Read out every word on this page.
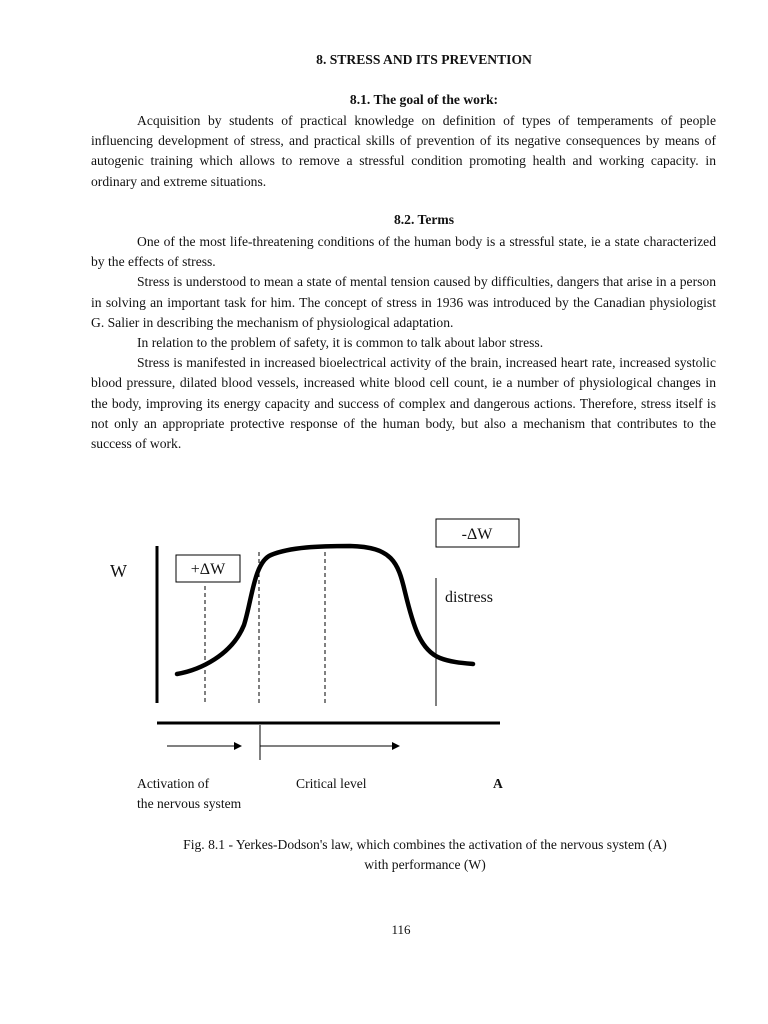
8. STRESS AND ITS PREVENTION
8.1. The goal of the work:

Acquisition by students of practical knowledge on definition of types of temperaments of people influencing development of stress, and practical skills of prevention of its negative consequences by means of autogenic training which allows to remove a stressful condition promoting health and working capacity. in ordinary and extreme situations.

8.2. Terms

One of the most life-threatening conditions of the human body is a stressful state, ie a state characterized by the effects of stress.

Stress is understood to mean a state of mental tension caused by difficulties, dangers that arise in a person in solving an important task for him. The concept of stress in 1936 was introduced by the Canadian physiologist G. Salier in describing the mechanism of physiological adaptation.

In relation to the problem of safety, it is common to talk about labor stress.

Stress is manifested in increased bioelectrical activity of the brain, increased heart rate, increased systolic blood pressure, dilated blood vessels, increased white blood cell count, ie a number of physiological changes in the body, improving its energy capacity and success of complex and dangerous actions. Therefore, stress itself is not only an appropriate protective response of the human body, but also a mechanism that contributes to the success of work.

W	+ΔW
-ΔW
distress
Activation of
the nervous system
Critical level	A
Fig. 8.1 - Yerkes-Dodson's law, which combines the activation of the nervous system (A)
with performance (W)
116
